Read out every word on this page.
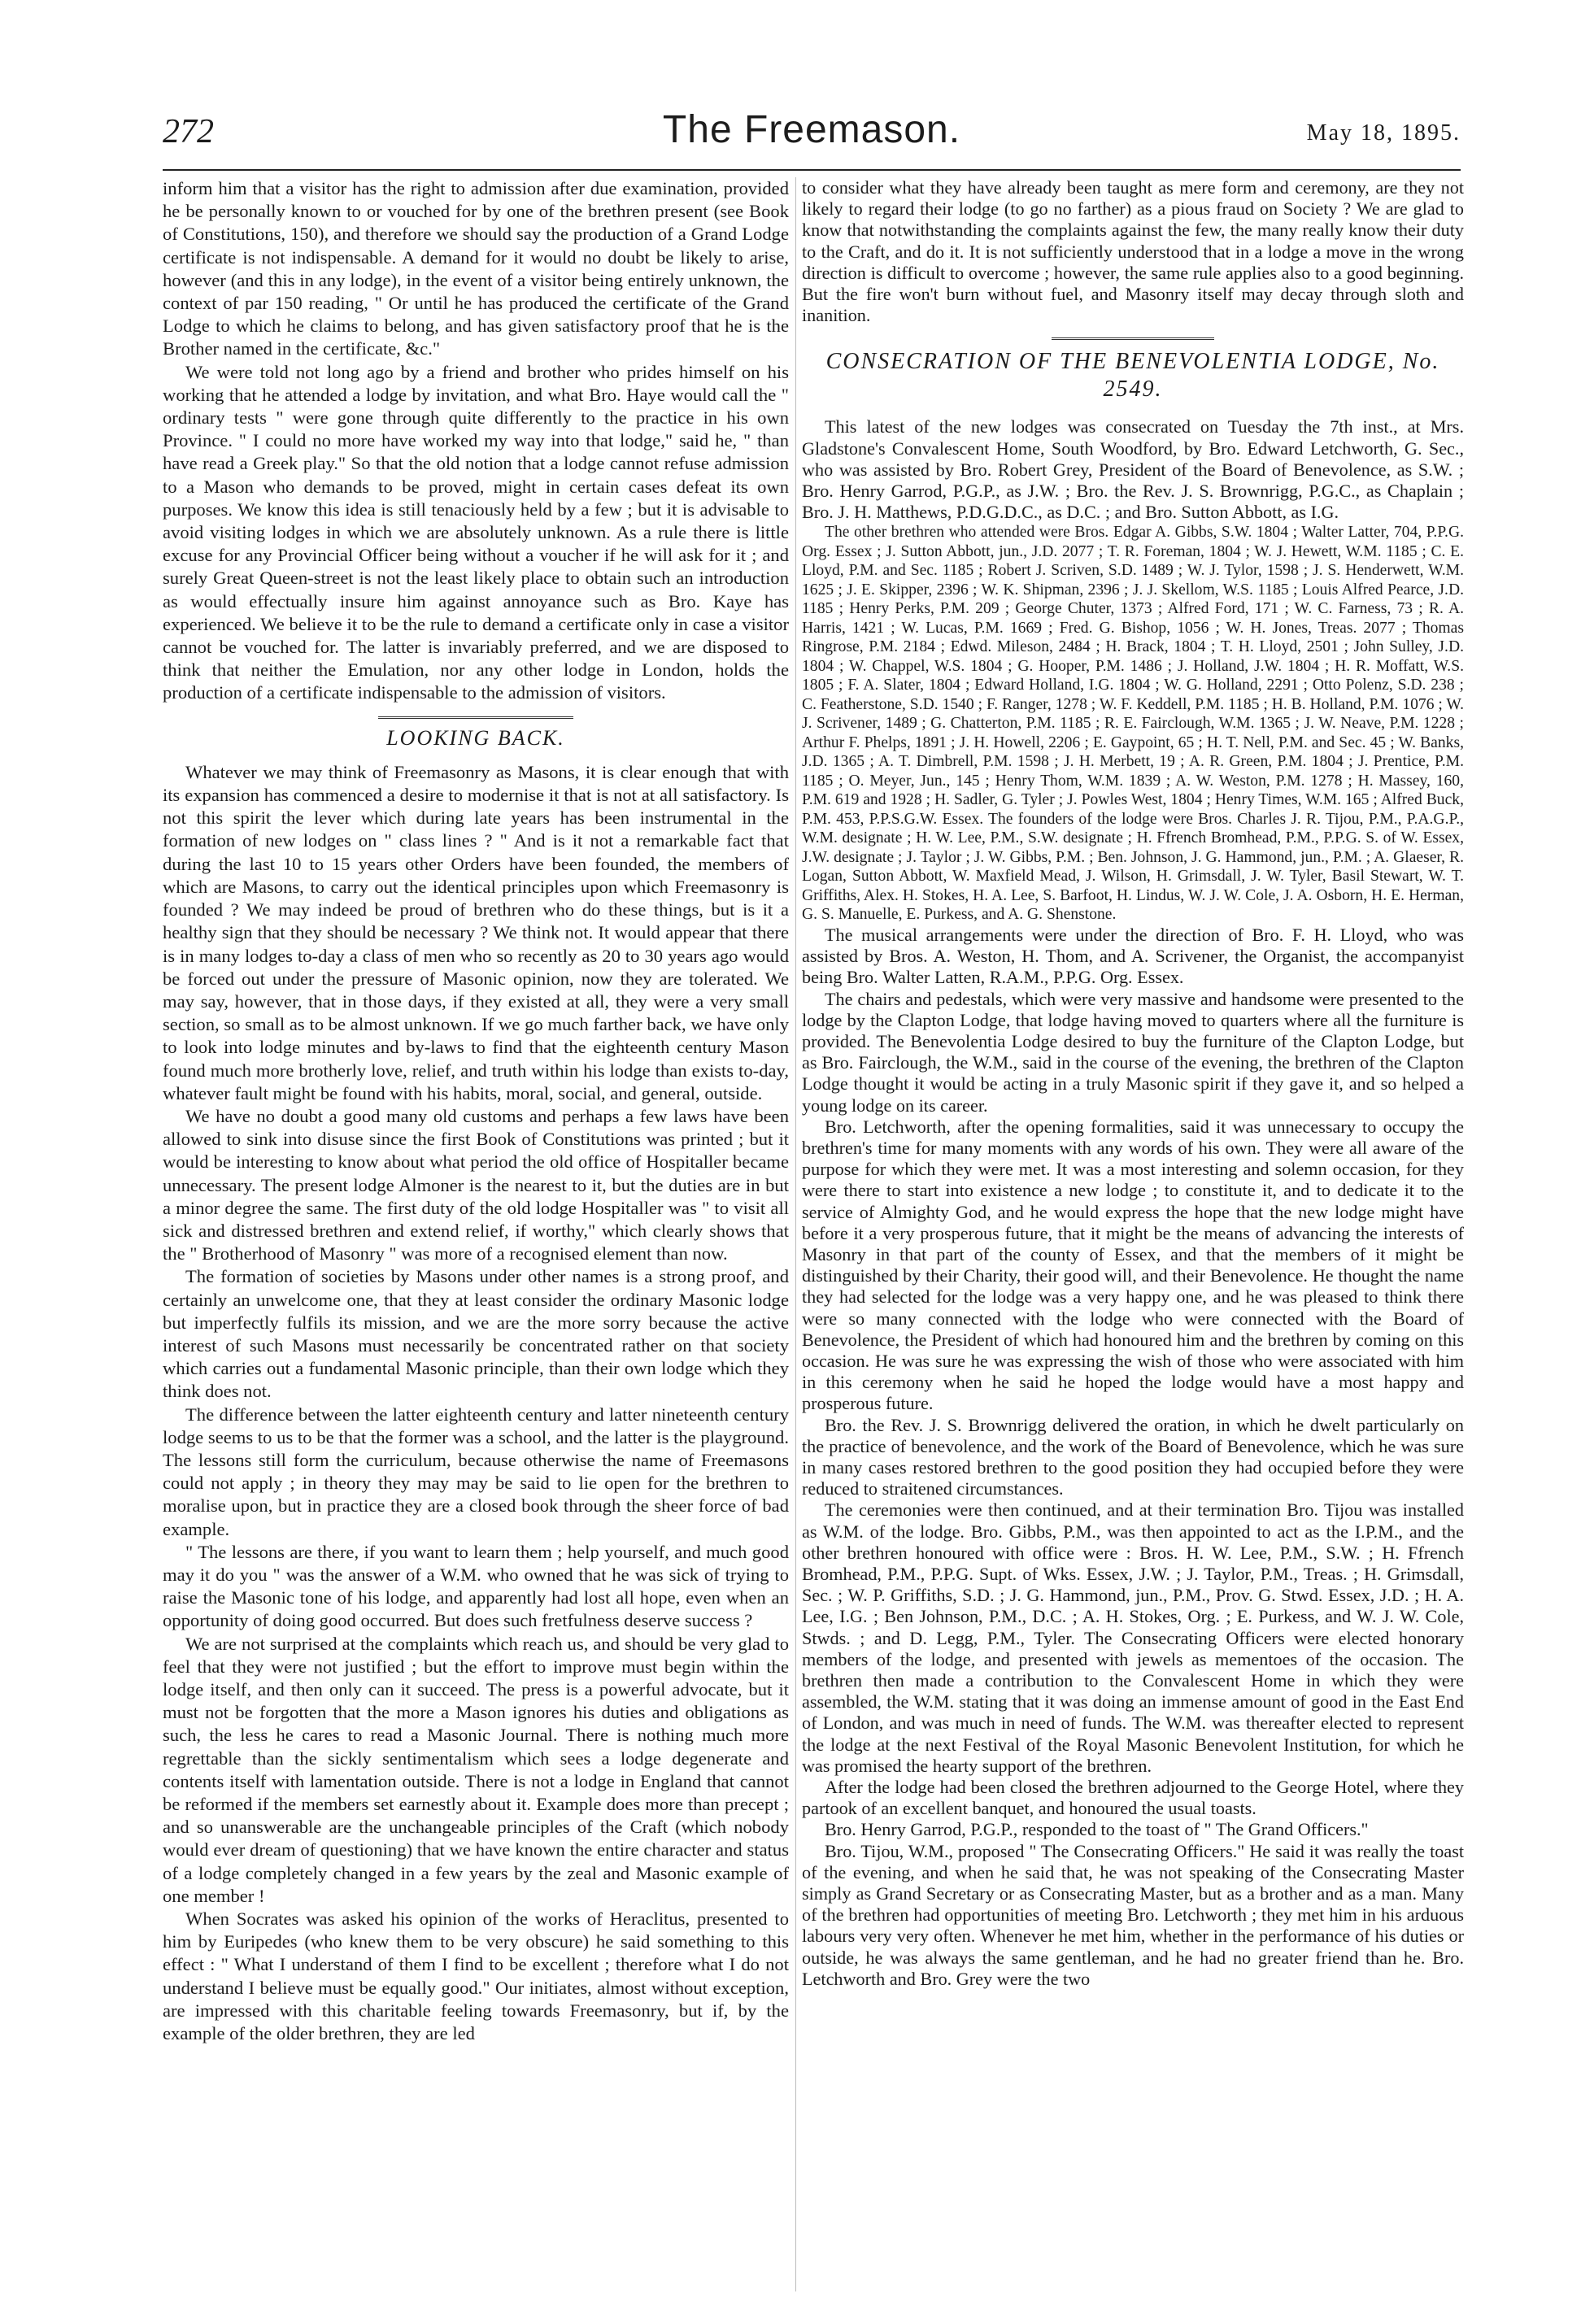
272	The Freemason.	May 18, 1895.

inform him that a visitor has the right to admission after due examination, provided he be personally known to or vouched for by one of the brethren present (see Book of Constitutions, 150), and therefore we should say the production of a Grand Lodge certificate is not indispensable. A demand for it would no doubt be likely to arise, however (and this in any lodge), in the event of a visitor being entirely unknown, the context of par 150 reading, " Or until he has produced the certificate of the Grand Lodge to which he claims to belong, and has given satisfactory proof that he is the Brother named in the certificate, &c."

We were told not long ago by a friend and brother who prides himself on his working that he attended a lodge by invitation, and what Bro. Haye would call the " ordinary tests " were gone through quite differently to the practice in his own Province. " I could no more have worked my way into that lodge," said he, " than have read a Greek play." So that the old notion that a lodge cannot refuse admission to a Mason who demands to be proved, might in certain cases defeat its own purposes. We know this idea is still tenaciously held by a few ; but it is advisable to avoid visiting lodges in which we are absolutely unknown. As a rule there is little excuse for any Provincial Officer being without a voucher if he will ask for it ; and surely Great Queen-street is not the least likely place to obtain such an introduction as would effectually insure him against annoyance such as Bro. Kaye has experienced. We believe it to be the rule to demand a certificate only in case a visitor cannot be vouched for. The latter is invariably preferred, and we are disposed to think that neither the Emulation, nor any other lodge in London, holds the production of a certificate indispensable to the admission of visitors.

LOOKING BACK.

Whatever we may think of Freemasonry as Masons, it is clear enough that with its expansion has commenced a desire to modernise it that is not at all satisfactory. Is not this spirit the lever which during late years has been instrumental in the formation of new lodges on " class lines ? " And is it not a remarkable fact that during the last 10 to 15 years other Orders have been founded, the members of which are Masons, to carry out the identical principles upon which Freemasonry is founded ? We may indeed be proud of brethren who do these things, but is it a healthy sign that they should be necessary ? We think not. It would appear that there is in many lodges to-day a class of men who so recently as 20 to 30 years ago would be forced out under the pressure of Masonic opinion, now they are tolerated. We may say, however, that in those days, if they existed at all, they were a very small section, so small as to be almost unknown. If we go much farther back, we have only to look into lodge minutes and by-laws to find that the eighteenth century Mason found much more brotherly love, relief, and truth within his lodge than exists to-day, whatever fault might be found with his habits, moral, social, and general, outside.

We have no doubt a good many old customs and perhaps a few laws have been allowed to sink into disuse since the first Book of Constitutions was printed ; but it would be interesting to know about what period the old office of Hospitaller became unnecessary. The present lodge Almoner is the nearest to it, but the duties are in but a minor degree the same. The first duty of the old lodge Hospitaller was " to visit all sick and distressed brethren and extend relief, if worthy," which clearly shows that the " Brotherhood of Masonry " was more of a recognised element than now.

The formation of societies by Masons under other names is a strong proof, and certainly an unwelcome one, that they at least consider the ordinary Masonic lodge but imperfectly fulfils its mission, and we are the more sorry because the active interest of such Masons must necessarily be concentrated rather on that society which carries out a fundamental Masonic principle, than their own lodge which they think does not.

The difference between the latter eighteenth century and latter nineteenth century lodge seems to us to be that the former was a school, and the latter is the playground. The lessons still form the curriculum, because otherwise the name of Freemasons could not apply ; in theory they may may be said to lie open for the brethren to moralise upon, but in practice they are a closed book through the sheer force of bad example.

" The lessons are there, if you want to learn them ; help yourself, and much good may it do you " was the answer of a W.M. who owned that he was sick of trying to raise the Masonic tone of his lodge, and apparently had lost all hope, even when an opportunity of doing good occurred. But does such fretfulness deserve success ?

We are not surprised at the complaints which reach us, and should be very glad to feel that they were not justified ; but the effort to improve must begin within the lodge itself, and then only can it succeed. The press is a powerful advocate, but it must not be forgotten that the more a Mason ignores his duties and obligations as such, the less he cares to read a Masonic Journal. There is nothing much more regrettable than the sickly sentimentalism which sees a lodge degenerate and contents itself with lamentation outside. There is not a lodge in England that cannot be reformed if the members set earnestly about it. Example does more than precept ; and so unanswerable are the unchangeable principles of the Craft (which nobody would ever dream of questioning) that we have known the entire character and status of a lodge completely changed in a few years by the zeal and Masonic example of one member !

When Socrates was asked his opinion of the works of Heraclitus, presented to him by Euripedes (who knew them to be very obscure) he said something to this effect : " What I understand of them I find to be excellent ; therefore what I do not understand I believe must be equally good." Our initiates, almost without exception, are impressed with this charitable feeling towards Freemasonry, but if, by the example of the older brethren, they are led

to consider what they have already been taught as mere form and ceremony, are they not likely to regard their lodge (to go no farther) as a pious fraud on Society ? We are glad to know that notwithstanding the complaints against the few, the many really know their duty to the Craft, and do it. It is not sufficiently understood that in a lodge a move in the wrong direction is difficult to overcome ; however, the same rule applies also to a good beginning. But the fire won't burn without fuel, and Masonry itself may decay through sloth and inanition.

CONSECRATION OF THE BENEVOLENTIA LODGE, No. 2549.

This latest of the new lodges was consecrated on Tuesday the 7th inst., at Mrs. Gladstone's Convalescent Home, South Woodford, by Bro. Edward Letchworth, G. Sec., who was assisted by Bro. Robert Grey, President of the Board of Benevolence, as S.W. ; Bro. Henry Garrod, P.G.P., as J.W. ; Bro. the Rev. J. S. Brownrigg, P.G.C., as Chaplain ; Bro. J. H. Matthews, P.D.G.D.C., as D.C. ; and Bro. Sutton Abbott, as I.G.

The other brethren who attended were Bros. Edgar A. Gibbs, S.W. 1804 ; Walter Latter, 704, P.P.G. Org. Essex ; J. Sutton Abbott, jun., J.D. 2077 ; T. R. Foreman, 1804 ; W. J. Hewett, W.M. 1185 ; C. E. Lloyd, P.M. and Sec. 1185 ; Robert J. Scriven, S.D. 1489 ; W. J. Tylor, 1598 ; J. S. Henderwett, W.M. 1625 ; J. E. Skipper, 2396 ; W. K. Shipman, 2396 ; J. J. Skellom, W.S. 1185 ; Louis Alfred Pearce, J.D. 1185 ; Henry Perks, P.M. 209 ; George Chuter, 1373 ; Alfred Ford, 171 ; W. C. Farness, 73 ; R. A. Harris, 1421 ; W. Lucas, P.M. 1669 ; Fred. G. Bishop, 1056 ; W. H. Jones, Treas. 2077 ; Thomas Ringrose, P.M. 2184 ; Edwd. Mileson, 2484 ; H. Brack, 1804 ; T. H. Lloyd, 2501 ; John Sulley, J.D. 1804 ; W. Chappel, W.S. 1804 ; G. Hooper, P.M. 1486 ; J. Holland, J.W. 1804 ; H. R. Moffatt, W.S. 1805 ; F. A. Slater, 1804 ; Edward Holland, I.G. 1804 ; W. G. Holland, 2291 ; Otto Polenz, S.D. 238 ; C. Featherstone, S.D. 1540 ; F. Ranger, 1278 ; W. F. Keddell, P.M. 1185 ; H. B. Holland, P.M. 1076 ; W. J. Scrivener, 1489 ; G. Chatterton, P.M. 1185 ; R. E. Fairclough, W.M. 1365 ; J. W. Neave, P.M. 1228 ; Arthur F. Phelps, 1891 ; J. H. Howell, 2206 ; E. Gaypoint, 65 ; H. T. Nell, P.M. and Sec. 45 ; W. Banks, J.D. 1365 ; A. T. Dimbrell, P.M. 1598 ; J. H. Merbett, 19 ; A. R. Green, P.M. 1804 ; J. Prentice, P.M. 1185 ; O. Meyer, Jun., 145 ; Henry Thom, W.M. 1839 ; A. W. Weston, P.M. 1278 ; H. Massey, 160, P.M. 619 and 1928 ; H. Sadler, G. Tyler ; J. Powles West, 1804 ; Henry Times, W.M. 165 ; Alfred Buck, P.M. 453, P.P.S.G.W. Essex. The founders of the lodge were Bros. Charles J. R. Tijou, P.M., P.A.G.P., W.M. designate ; H. W. Lee, P.M., S.W. designate ; H. Ffrench Bromhead, P.M., P.P.G. S. of W. Essex, J.W. designate ; J. Taylor ; J. W. Gibbs, P.M. ; Ben. Johnson, J. G. Hammond, jun., P.M. ; A. Glaeser, R. Logan, Sutton Abbott, W. Maxfield Mead, J. Wilson, H. Grimsdall, J. W. Tyler, Basil Stewart, W. T. Griffiths, Alex. H. Stokes, H. A. Lee, S. Barfoot, H. Lindus, W. J. W. Cole, J. A. Osborn, H. E. Herman, G. S. Manuelle, E. Purkess, and A. G. Shenstone.

The musical arrangements were under the direction of Bro. F. H. Lloyd, who was assisted by Bros. A. Weston, H. Thom, and A. Scrivener, the Organist, the accompanyist being Bro. Walter Latten, R.A.M., P.P.G. Org. Essex.

The chairs and pedestals, which were very massive and handsome were presented to the lodge by the Clapton Lodge, that lodge having moved to quarters where all the furniture is provided. The Benevolentia Lodge desired to buy the furniture of the Clapton Lodge, but as Bro. Fairclough, the W.M., said in the course of the evening, the brethren of the Clapton Lodge thought it would be acting in a truly Masonic spirit if they gave it, and so helped a young lodge on its career.

Bro. Letchworth, after the opening formalities, said it was unnecessary to occupy the brethren's time for many moments with any words of his own. They were all aware of the purpose for which they were met. It was a most interesting and solemn occasion, for they were there to start into existence a new lodge ; to constitute it, and to dedicate it to the service of Almighty God, and he would express the hope that the new lodge might have before it a very prosperous future, that it might be the means of advancing the interests of Masonry in that part of the county of Essex, and that the members of it might be distinguished by their Charity, their good will, and their Benevolence. He thought the name they had selected for the lodge was a very happy one, and he was pleased to think there were so many connected with the lodge who were connected with the Board of Benevolence, the President of which had honoured him and the brethren by coming on this occasion. He was sure he was expressing the wish of those who were associated with him in this ceremony when he said he hoped the lodge would have a most happy and prosperous future.

Bro. the Rev. J. S. Brownrigg delivered the oration, in which he dwelt particularly on the practice of benevolence, and the work of the Board of Benevolence, which he was sure in many cases restored brethren to the good position they had occupied before they were reduced to straitened circumstances.

The ceremonies were then continued, and at their termination Bro. Tijou was installed as W.M. of the lodge. Bro. Gibbs, P.M., was then appointed to act as the I.P.M., and the other brethren honoured with office were : Bros. H. W. Lee, P.M., S.W. ; H. Ffrench Bromhead, P.M., P.P.G. Supt. of Wks. Essex, J.W. ; J. Taylor, P.M., Treas. ; H. Grimsdall, Sec. ; W. P. Griffiths, S.D. ; J. G. Hammond, jun., P.M., Prov. G. Stwd. Essex, J.D. ; H. A. Lee, I.G. ; Ben Johnson, P.M., D.C. ; A. H. Stokes, Org. ; E. Purkess, and W. J. W. Cole, Stwds. ; and D. Legg, P.M., Tyler. The Consecrating Officers were elected honorary members of the lodge, and presented with jewels as mementoes of the occasion. The brethren then made a contribution to the Convalescent Home in which they were assembled, the W.M. stating that it was doing an immense amount of good in the East End of London, and was much in need of funds. The W.M. was thereafter elected to represent the lodge at the next Festival of the Royal Masonic Benevolent Institution, for which he was promised the hearty support of the brethren.

After the lodge had been closed the brethren adjourned to the George Hotel, where they partook of an excellent banquet, and honoured the usual toasts.

Bro. Henry Garrod, P.G.P., responded to the toast of " The Grand Officers."

Bro. Tijou, W.M., proposed " The Consecrating Officers." He said it was really the toast of the evening, and when he said that, he was not speaking of the Consecrating Master simply as Grand Secretary or as Consecrating Master, but as a brother and as a man. Many of the brethren had opportunities of meeting Bro. Letchworth ; they met him in his arduous labours very very often. Whenever he met him, whether in the performance of his duties or outside, he was always the same gentleman, and he had no greater friend than he. Bro. Letchworth and Bro. Grey were the two
